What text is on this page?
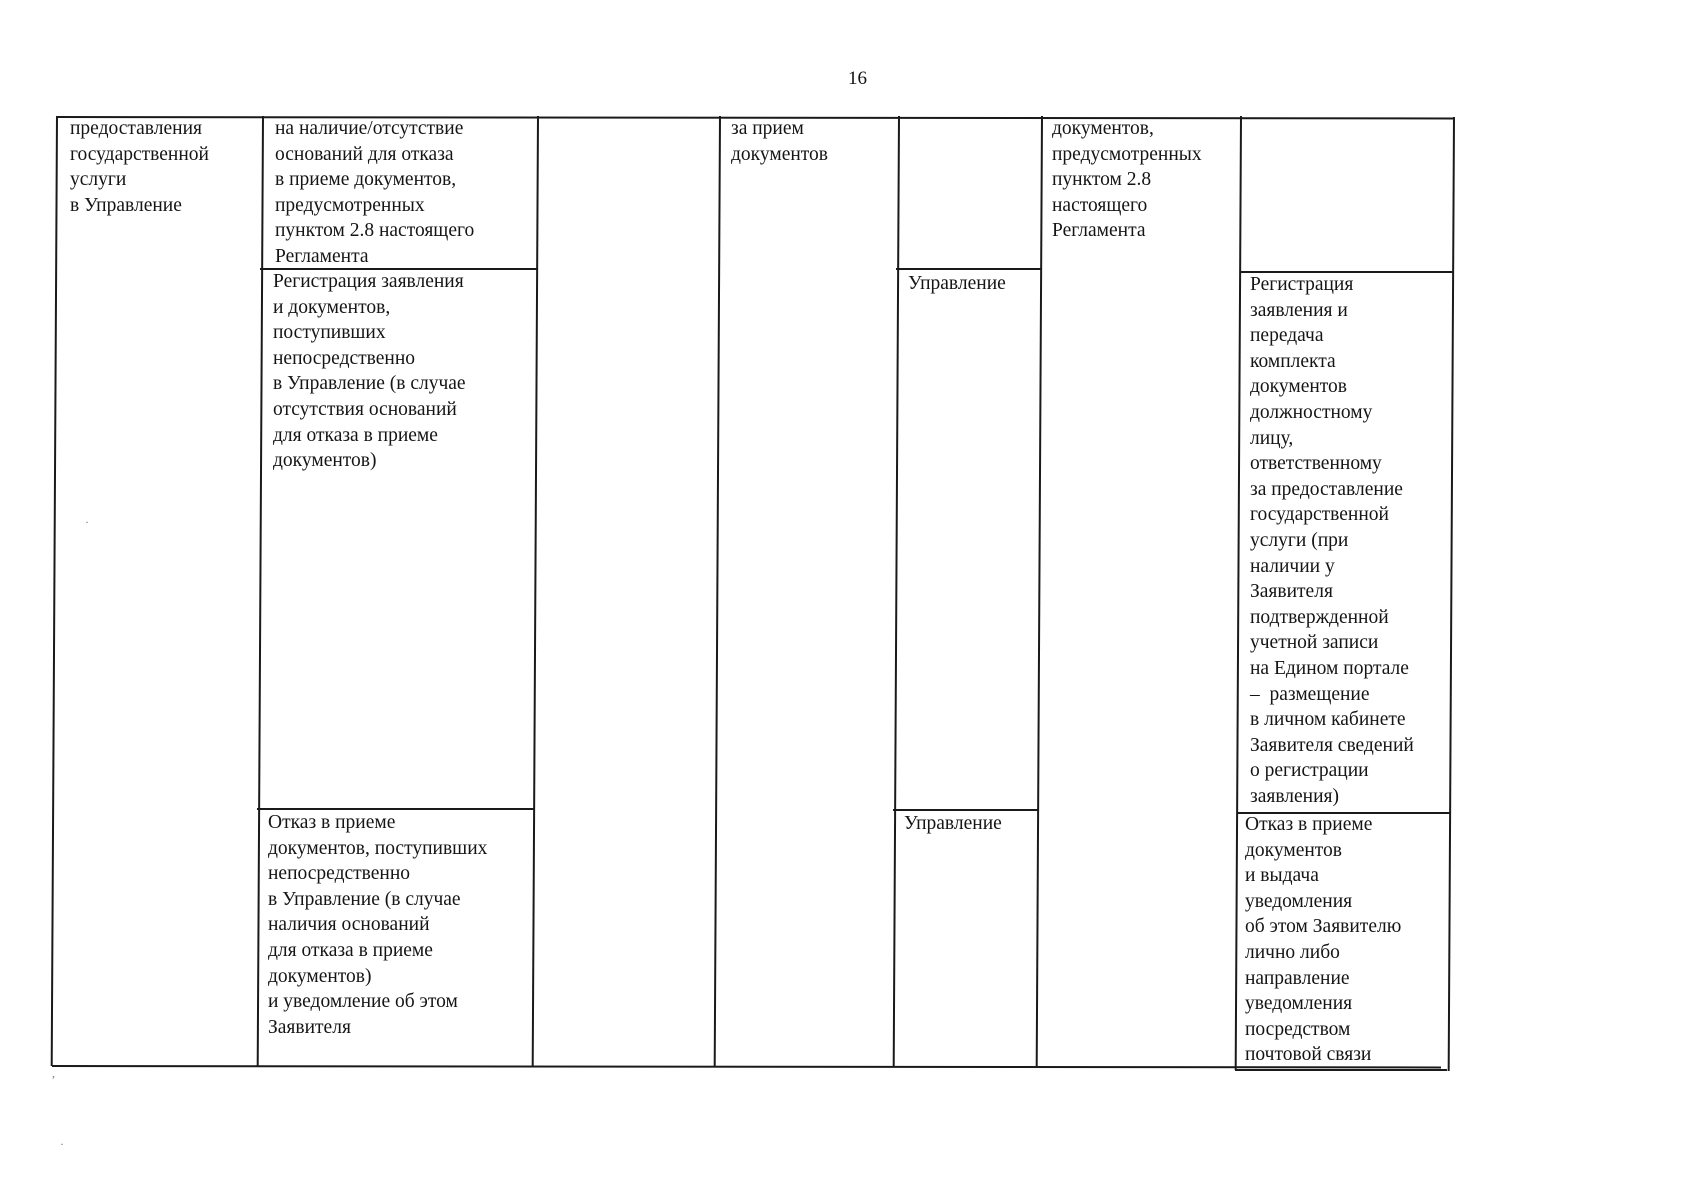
16
предоставления
государственной
услуги
в Управление
на наличие/отсутствие
оснований для отказа
в приеме документов,
предусмотренных
пунктом 2.8 настоящего
Регламента
Регистрация заявления
и документов,
поступивших
непосредственно
в Управление (в случае
отсутствия оснований
для отказа в приеме
документов)
Отказ в приеме
документов, поступивших
непосредственно
в Управление (в случае
наличия оснований
для отказа в приеме
документов)
и уведомление об этом
Заявителя
за прием
документов
Управление
Управление
документов,
предусмотренных
пунктом 2.8
настоящего
Регламента
Регистрация
заявления и
передача
комплекта
документов
должностному
лицу,
ответственному
за предоставление
государственной
услуги (при
наличии у
Заявителя
подтвержденной
учетной записи
на Едином портале
–  размещение
в личном кабинете
Заявителя сведений
о регистрации
заявления)
Отказ в приеме
документов
и выдача
уведомления
об этом Заявителю
лично либо
направление
уведомления
посредством
почтовой связи
·
,
·
